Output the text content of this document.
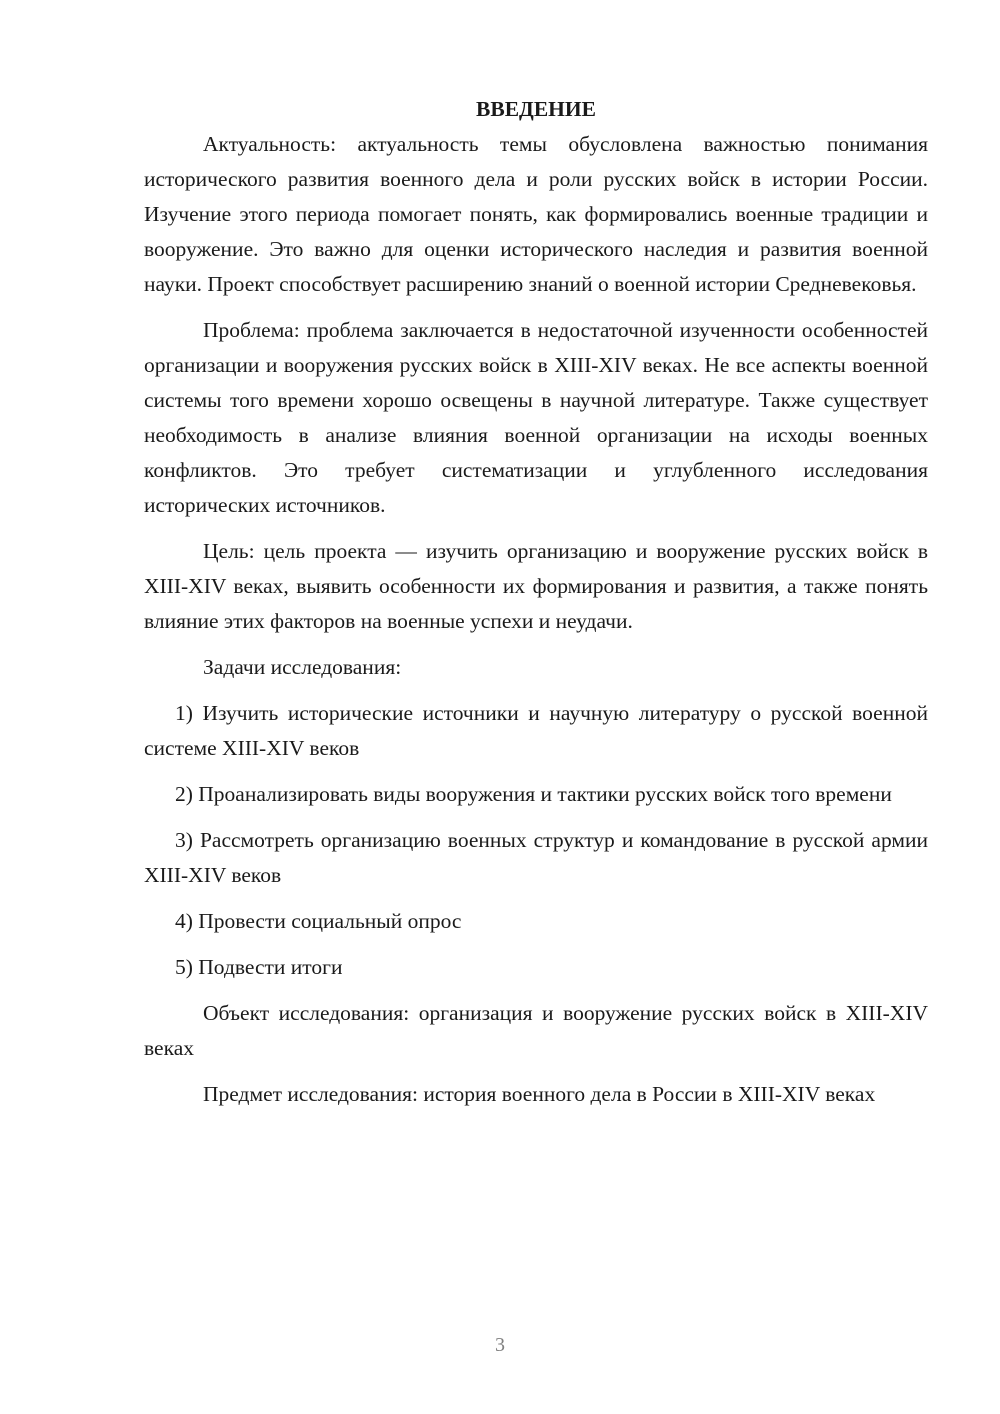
ВВЕДЕНИЕ

Актуальность: актуальность темы обусловлена важностью понимания исторического развития военного дела и роли русских войск в истории России. Изучение этого периода помогает понять, как формировались военные традиции и вооружение. Это важно для оценки исторического наследия и развития военной науки. Проект способствует расширению знаний о военной истории Средневековья.

Проблема: проблема заключается в недостаточной изученности особенностей организации и вооружения русских войск в XIII-XIV веках. Не все аспекты военной системы того времени хорошо освещены в научной литературе. Также существует необходимость в анализе влияния военной организации на исходы военных конфликтов. Это требует систематизации и углубленного исследования исторических источников.

Цель: цель проекта — изучить организацию и вооружение русских войск в XIII-XIV веках, выявить особенности их формирования и развития, а также понять влияние этих факторов на военные успехи и неудачи.

Задачи исследования:

1) Изучить исторические источники и научную литературу о русской военной системе XIII-XIV веков

2) Проанализировать виды вооружения и тактики русских войск того времени

3) Рассмотреть организацию военных структур и командование в русской армии XIII-XIV веков

4) Провести социальный опрос

5) Подвести итоги

Объект исследования: организация и вооружение русских войск в XIII-XIV веках

Предмет исследования: история военного дела в России в XIII-XIV веках

3
